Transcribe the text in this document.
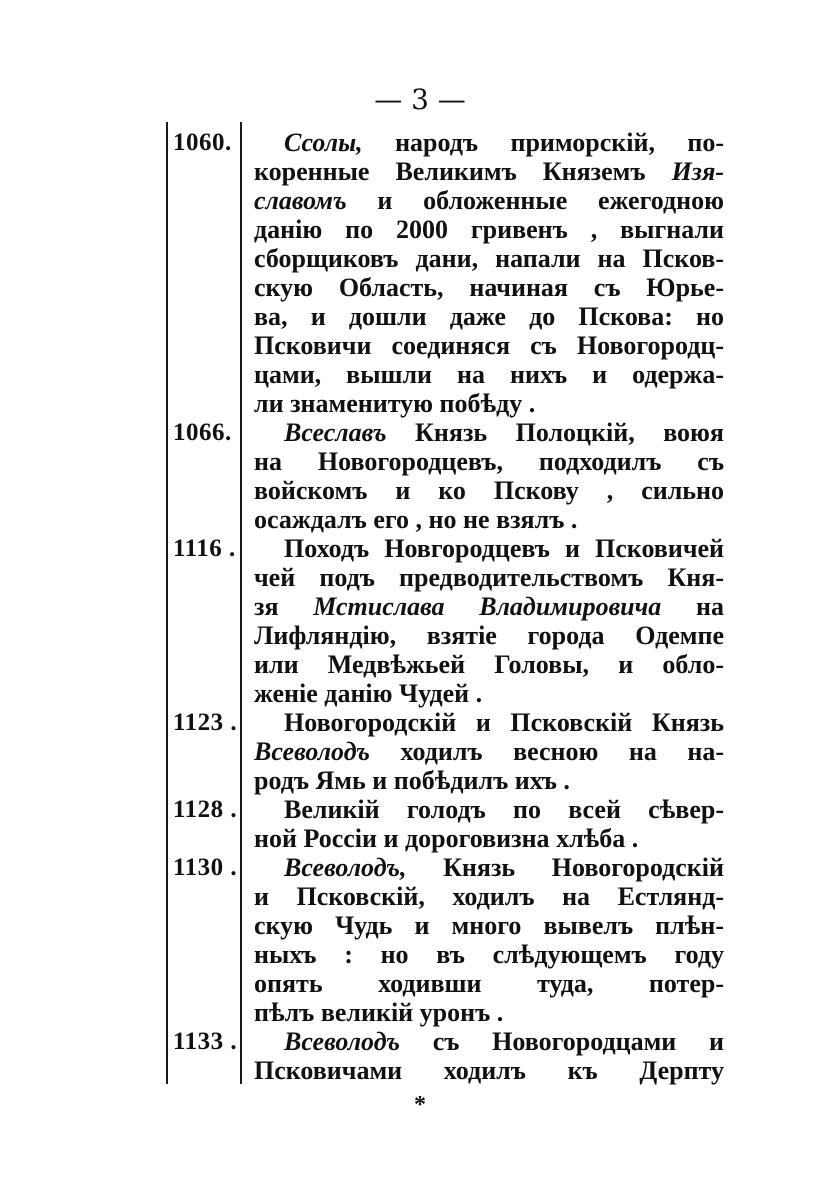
— 3 —
1060.	Ссолы, народъ приморскій, по-
коренные Великимъ Княземъ Изя-
славомъ и обложенные ежегодною
данію по 2000 гривенъ , выгнали
сборщиковъ дани, напали на Псков-
скую Область, начиная съ Юрье-
ва, и дошли даже до Пскова: но
Псковичи соединяся съ Новогородц-
цами, вышли на нихъ и одержа-
ли знаменитую побѣду .
1066.	Всеславъ Князь Полоцкій, воюя
на Новогородцевъ, подходилъ съ
войскомъ и ко Пскову , сильно
осаждалъ его , но не взялъ .
1116 .	Походъ Новгородцевъ и Псковичей
чей подъ предводительствомъ Кня-
зя Мстислава Владимировича на
Лифляндію, взятіе города Одемпе
или Медвѣжьей Головы, и обло-
женіе данію Чудей .
1123 .	Новогородскій и Псковскій Князь
Всеволодъ ходилъ весною на на-
родъ Ямь и побѣдилъ ихъ .
1128 .	Великій голодъ по всей сѣвер-
ной Россіи и дороговизна хлѣба .
1130 .	Всеволодъ, Князь Новогородскій
и Псковскій, ходилъ на Естлянд-
скую Чудь и много вывелъ плѣн-
ныхъ : но въ слѣдующемъ году
опять ходивши туда, потер-
пѣлъ великій уронъ .
1133 .	Всеволодъ съ Новогородцами и
Псковичами ходилъ къ Дерпту
*
